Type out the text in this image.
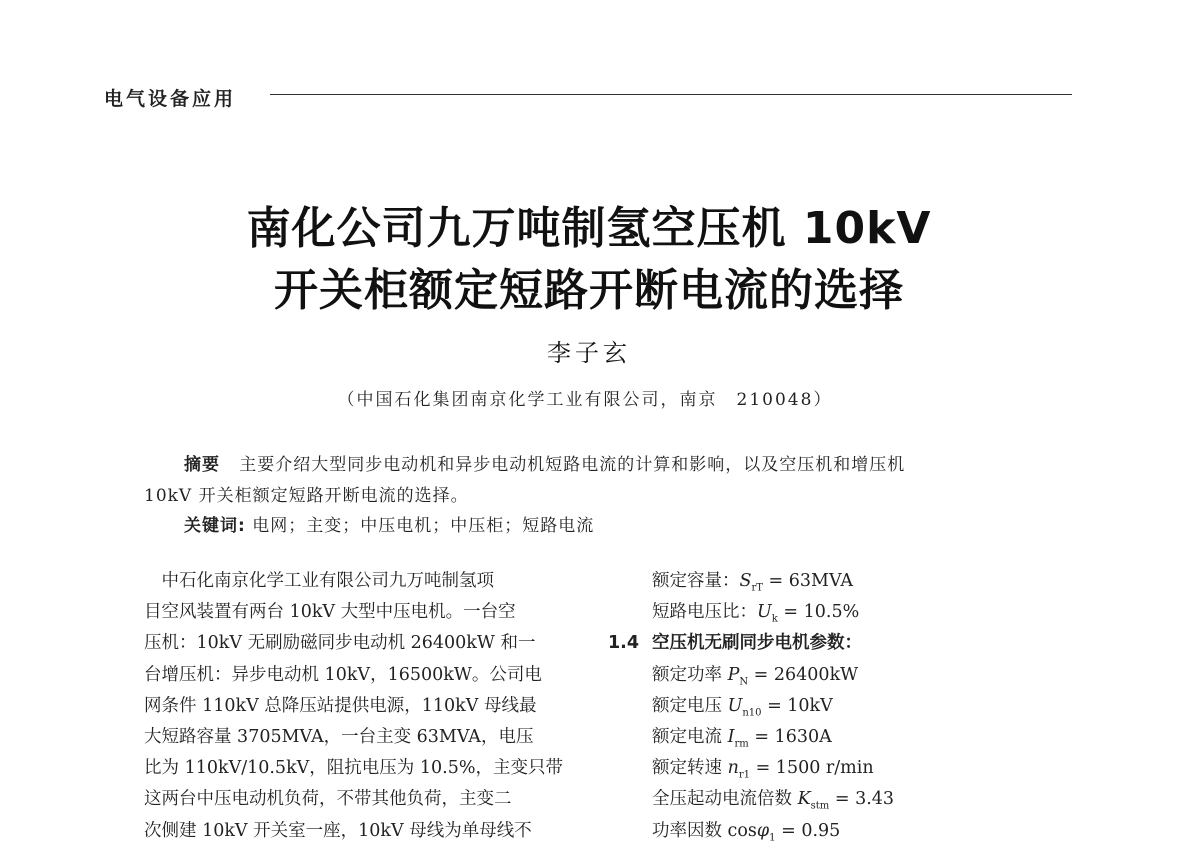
电气设备应用
南化公司九万吨制氢空压机 10kV
开关柜额定短路开断电流的选择
李子玄
（中国石化集团南京化学工业有限公司，南京　210048）
摘要 主要介绍大型同步电动机和异步电动机短路电流的计算和影响，以及空压机和增压机
10kV 开关柜额定短路开断电流的选择。
关键词: 电网；主变；中压电机；中压柜；短路电流
　中石化南京化学工业有限公司九万吨制氢项
目空风装置有两台 10kV 大型中压电机。一台空
压机：10kV 无刷励磁同步电动机 26400kW 和一
台增压机：异步电动机 10kV，16500kW。公司电
网条件 110kV 总降压站提供电源，110kV 母线最
大短路容量 3705MVA，一台主变 63MVA，电压
比为 110kV/10.5kV，阻抗电压为 10.5%，主变只带
这两台中压电动机负荷，不带其他负荷，主变二
次侧建 10kV 开关室一座，10kV 母线为单母线不
额定容量：$S_{rT} = 63MVA$
短路电压比：$U_k = 10.5\%$
1.4 空压机无刷同步电机参数：
额定功率 $P_N = 26400kW$
额定电压 $U_{n10} = 10kV$
额定电流 $I_{rm} = 1630A$
额定转速 $n_{r1} = 1500$ r/min
全压起动电流倍数 $K_{stm} = 3.43$
功率因数 cosφ$_1$ = 0.95
